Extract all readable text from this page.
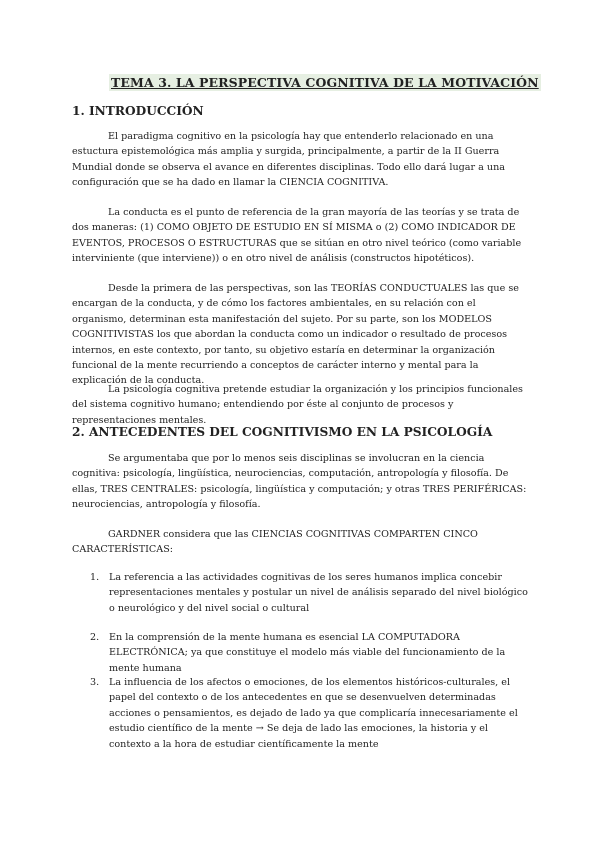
TEMA 3. LA PERSPECTIVA COGNITIVA DE LA MOTIVACIÓN
1. INTRODUCCIÓN

El paradigma cognitivo en la psicología hay que entenderlo relacionado en una estuctura epistemológica más amplia y surgida, principalmente, a partir de la II Guerra Mundial donde se observa el avance en diferentes disciplinas. Todo ello dará lugar a una configuración que se ha dado en llamar la CIENCIA COGNITIVA.

La conducta es el punto de referencia de la gran mayoría de las teorías y se trata de dos maneras: (1) COMO OBJETO DE ESTUDIO EN SÍ MISMA o (2) COMO INDICADOR DE EVENTOS, PROCESOS O ESTRUCTURAS que se sitúan en otro nivel teórico (como variable interviniente (que interviene)) o en otro nivel de análisis (constructos hipotéticos).

Desde la primera de las perspectivas, son las TEORÍAS CONDUCTUALES las que se encargan de la conducta, y de cómo los factores ambientales, en su relación con el organismo, determinan esta manifestación del sujeto. Por su parte, son los MODELOS COGNITIVISTAS los que abordan la conducta como un indicador o resultado de procesos internos, en este contexto, por tanto, su objetivo estaría en determinar la organización funcional de la mente recurriendo a conceptos de carácter interno y mental para la explicación de la conducta.

La psicología cognitiva pretende estudiar la organización y los principios funcionales del sistema cognitivo humano; entendiendo por éste al conjunto de procesos y representaciones mentales.

2. ANTECEDENTES DEL COGNITIVISMO EN LA PSICOLOGÍA

Se argumentaba que por lo menos seis disciplinas se involucran en la ciencia cognitiva: psicología, lingüística, neurociencias, computación, antropología y filosofía. De ellas, TRES CENTRALES: psicología, lingüística y computación; y otras TRES PERIFÉRICAS: neurociencias, antropología y filosofía.

GARDNER considera que las CIENCIAS COGNITIVAS COMPARTEN CINCO CARACTERÍSTICAS:

1. La referencia a las actividades cognitivas de los seres humanos implica concebir representaciones mentales y postular un nivel de análisis separado del nivel biológico o neurológico y del nivel social o cultural
2. En la comprensión de la mente humana es esencial LA COMPUTADORA ELECTRÓNICA; ya que constituye el modelo más viable del funcionamiento de la mente humana
3. La influencia de los afectos o emociones, de los elementos históricos-culturales, el papel del contexto o de los antecedentes en que se desenvuelven determinadas acciones o pensamientos, es dejado de lado ya que complicaría innecesariamente el estudio científico de la mente → Se deja de lado las emociones, la historia y el contexto a la hora de estudiar científicamente la mente
